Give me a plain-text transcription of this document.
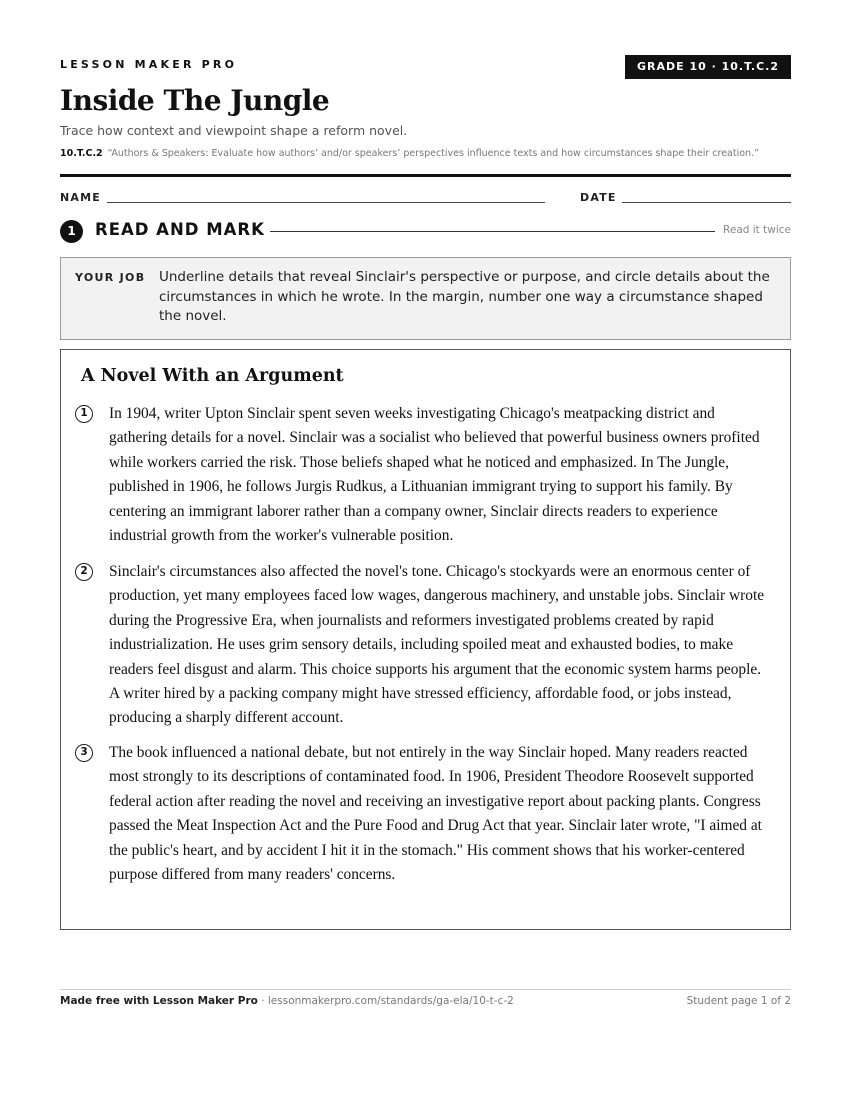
LESSON MAKER PRO	GRADE 10 · 10.T.C.2
Inside The Jungle
Trace how context and viewpoint shape a reform novel.
10.T.C.2 “Authors & Speakers: Evaluate how authors’ and/or speakers’ perspectives influence texts and how circumstances shape their creation.”
NAME	DATE
1	READ AND MARK	Read it twice
YOUR JOB Underline details that reveal Sinclair's perspective or purpose, and circle details about the circumstances in which he wrote. In the margin, number one way a circumstance shaped the novel.
A Novel With an Argument
1	In 1904, writer Upton Sinclair spent seven weeks investigating Chicago's meatpacking district and gathering details for a novel. Sinclair was a socialist who believed that powerful business owners profited while workers carried the risk. Those beliefs shaped what he noticed and emphasized. In The Jungle, published in 1906, he follows Jurgis Rudkus, a Lithuanian immigrant trying to support his family. By centering an immigrant laborer rather than a company owner, Sinclair directs readers to experience industrial growth from the worker's vulnerable position.
2	Sinclair's circumstances also affected the novel's tone. Chicago's stockyards were an enormous center of production, yet many employees faced low wages, dangerous machinery, and unstable jobs. Sinclair wrote during the Progressive Era, when journalists and reformers investigated problems created by rapid industrialization. He uses grim sensory details, including spoiled meat and exhausted bodies, to make readers feel disgust and alarm. This choice supports his argument that the economic system harms people. A writer hired by a packing company might have stressed efficiency, affordable food, or jobs instead, producing a sharply different account.
3	The book influenced a national debate, but not entirely in the way Sinclair hoped. Many readers reacted most strongly to its descriptions of contaminated food. In 1906, President Theodore Roosevelt supported federal action after reading the novel and receiving an investigative report about packing plants. Congress passed the Meat Inspection Act and the Pure Food and Drug Act that year. Sinclair later wrote, "I aimed at the public's heart, and by accident I hit it in the stomach." His comment shows that his worker-centered purpose differed from many readers' concerns.
Made free with Lesson Maker Pro · lessonmakerpro.com/standards/ga-ela/10-t-c-2	Student page 1 of 2
